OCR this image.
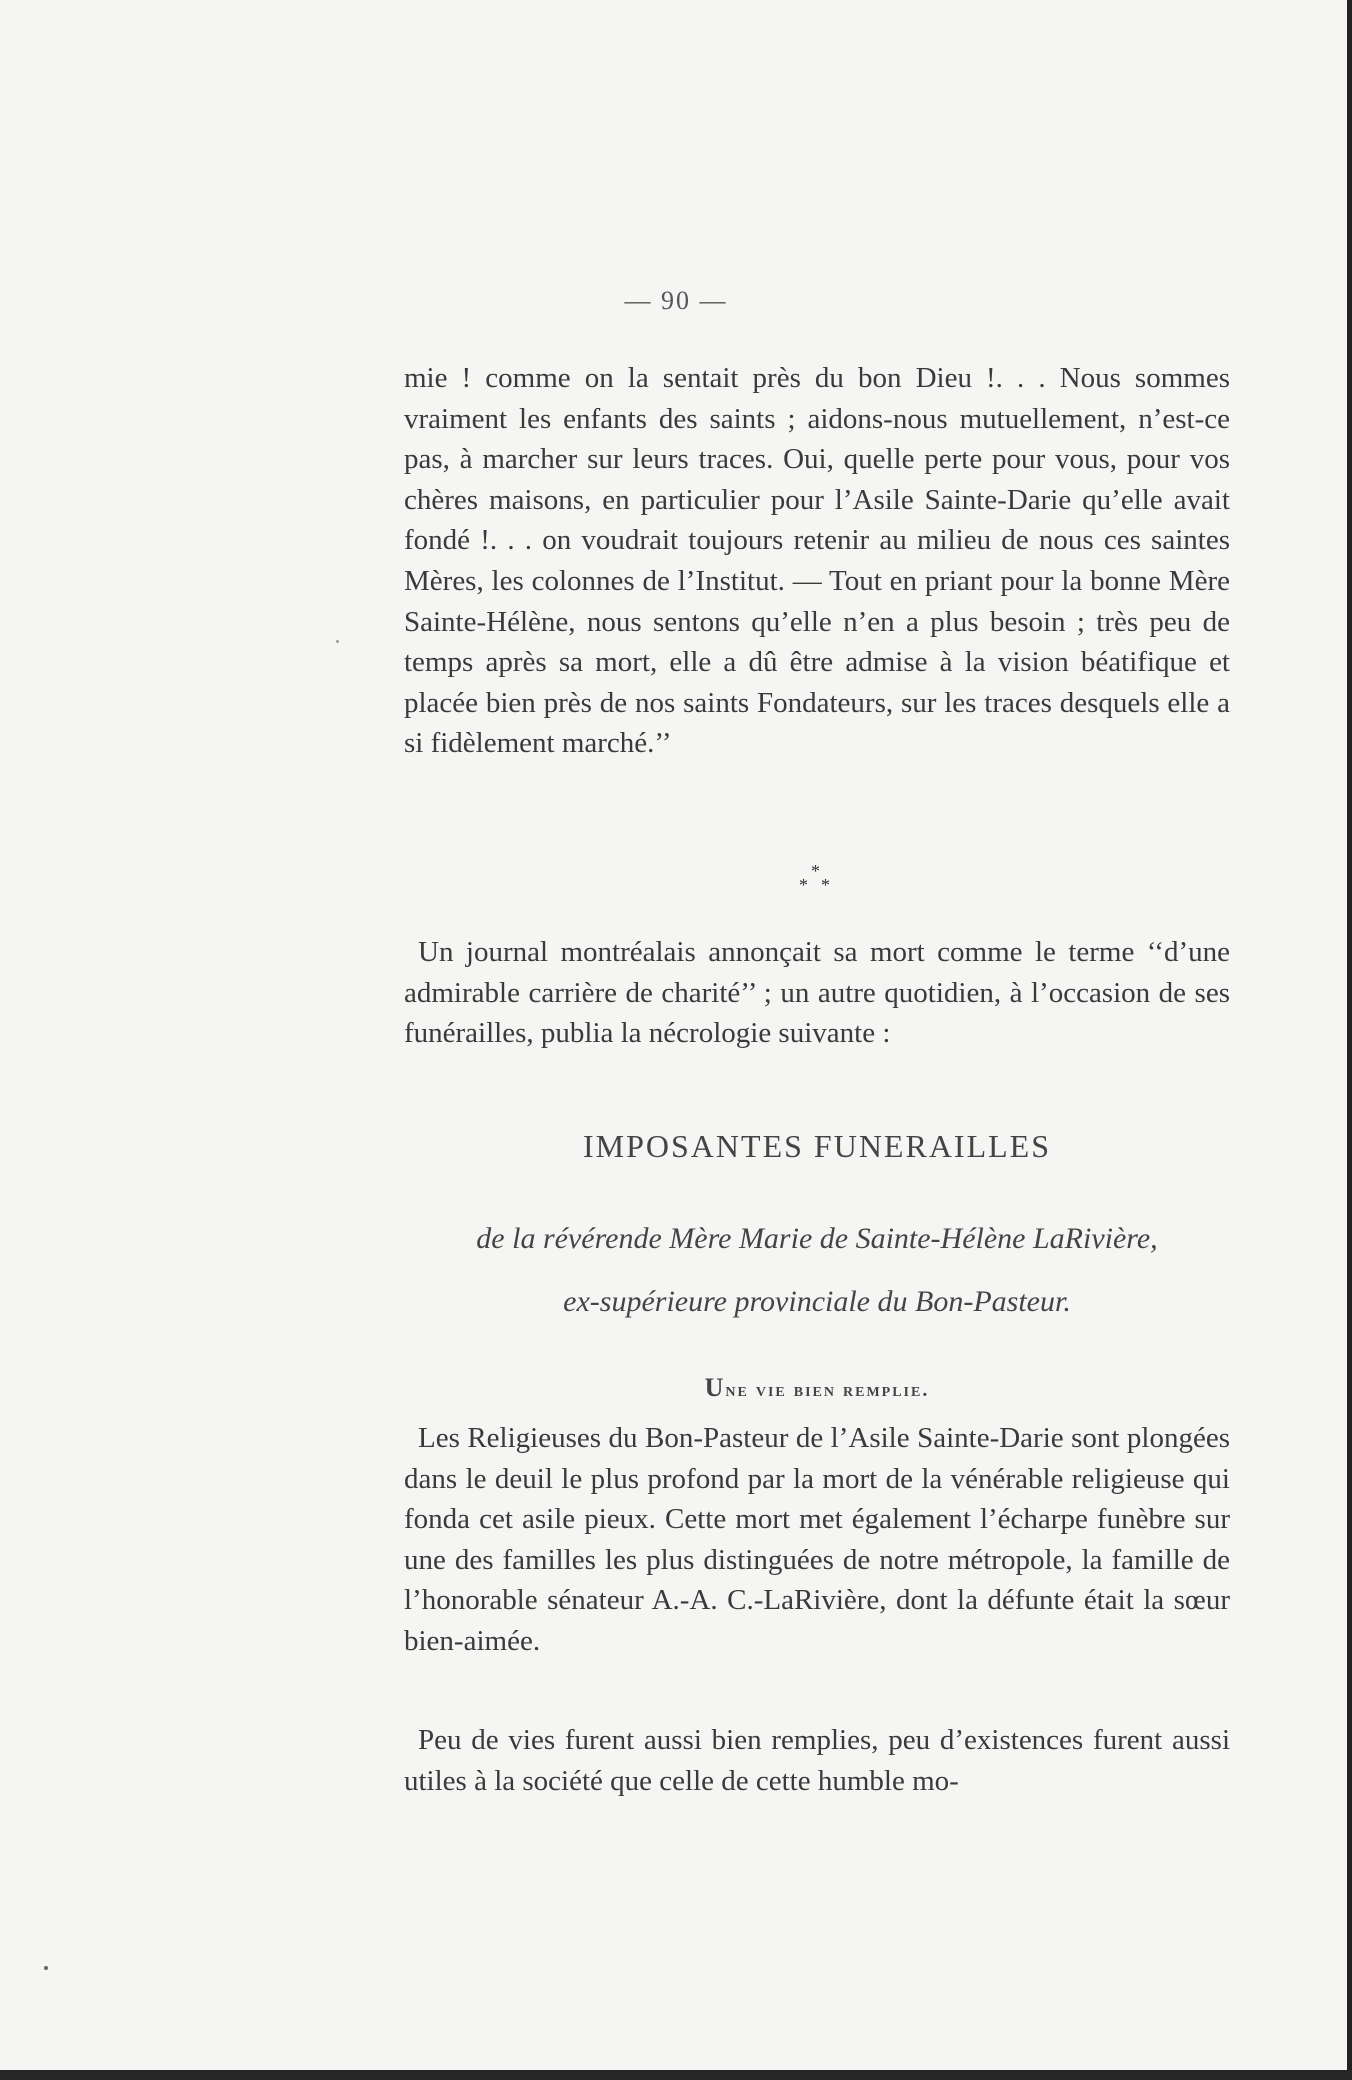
— 90 —

mie ! comme on la sentait près du bon Dieu !. . . Nous sommes vraiment les enfants des saints ; aidons-nous mutuellement, n’est-ce pas, à marcher sur leurs traces. Oui, quelle perte pour vous, pour vos chères maisons, en particulier pour l’Asile Sainte-Darie qu’elle avait fondé !. . . on voudrait toujours retenir au milieu de nous ces saintes Mères, les colonnes de l’Institut. — Tout en priant pour la bonne Mère Sainte-Hélène, nous sentons qu’elle n’en a plus besoin ; très peu de temps après sa mort, elle a dû être admise à la vision béatifique et placée bien près de nos saints Fondateurs, sur les traces desquels elle a si fidèlement marché.’’

*
* *

Un journal montréalais annonçait sa mort comme le terme ‘‘d’une admirable carrière de charité’’ ; un autre quotidien, à l’occasion de ses funérailles, publia la nécrologie suivante :

IMPOSANTES FUNERAILLES

de la révérende Mère Marie de Sainte-Hélène LaRivière,

ex-supérieure provinciale du Bon-Pasteur.

Une vie bien remplie.

Les Religieuses du Bon-Pasteur de l’Asile Sainte-Darie sont plongées dans le deuil le plus profond par la mort de la vénérable religieuse qui fonda cet asile pieux. Cette mort met également l’écharpe funèbre sur une des familles les plus distinguées de notre métropole, la famille de l’honorable sénateur A.-A. C.-LaRivière, dont la défunte était la sœur bien-aimée.

Peu de vies furent aussi bien remplies, peu d’existences furent aussi utiles à la société que celle de cette humble mo-
